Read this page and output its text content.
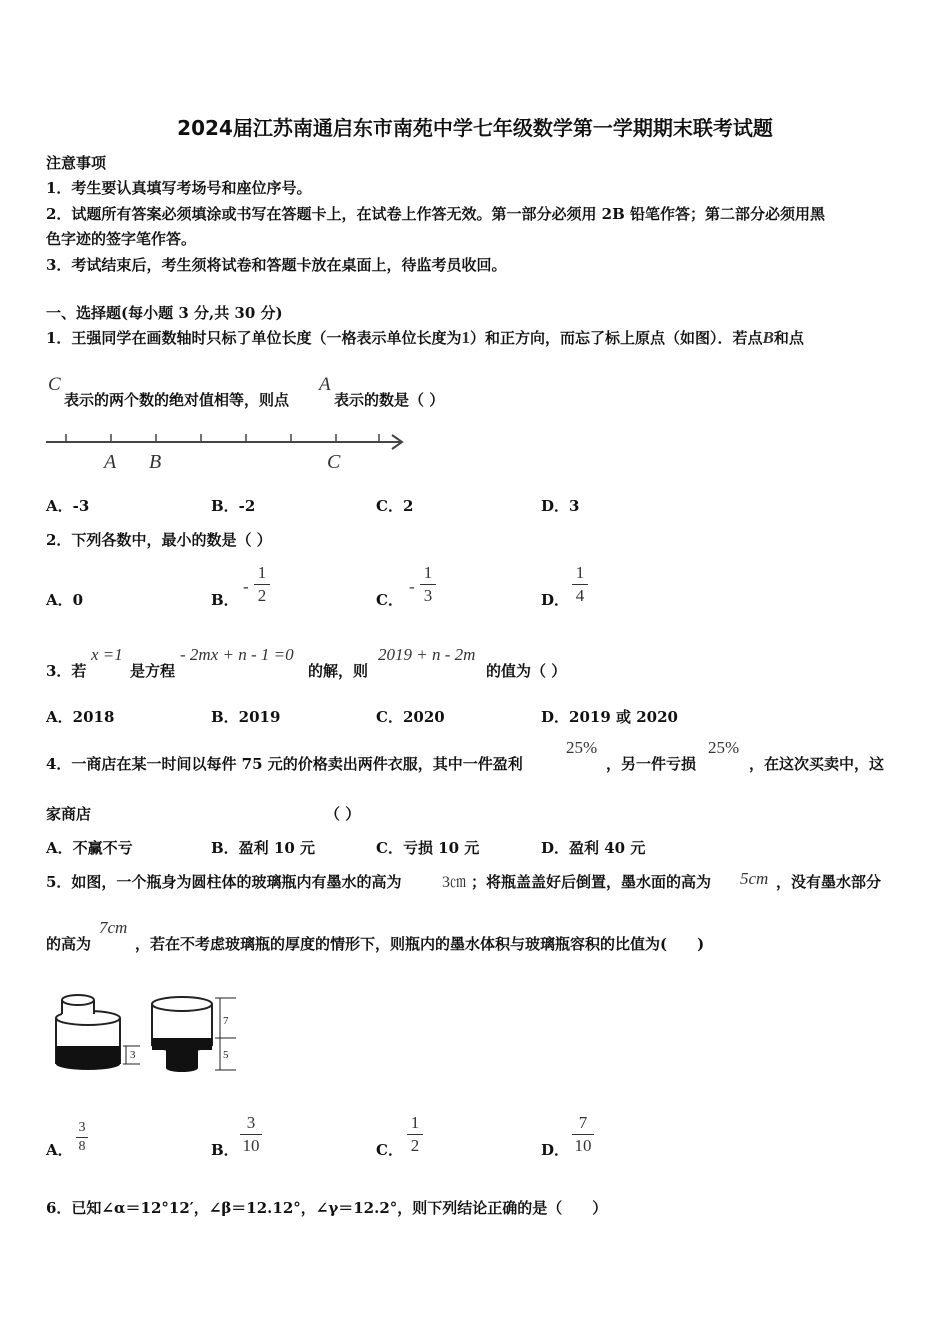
2024届江苏南通启东市南苑中学七年级数学第一学期期末联考试题
注意事项
1．考生要认真填写考场号和座位序号。
2．试题所有答案必须填涂或书写在答题卡上，在试卷上作答无效。第一部分必须用 2B 铅笔作答；第二部分必须用黑
色字迹的签字笔作答。
3．考试结束后，考生须将试卷和答题卡放在桌面上，待监考员收回。
一、选择题(每小题 3 分,共 30 分)
1．王强同学在画数轴时只标了单位长度（一格表示单位长度为1）和正方向，而忘了标上原点（如图）．若点B和点
C
表示的两个数的绝对值相等，则点
A
表示的数是（ ）
A B	C
A．-3	B．-2	C．2	D．3
2．下列各数中，最小的数是（ ）
A．0	B．
-
1
2	C．
-
1
3	D．
1
4
3．若
x =1
是方程
- 2mx + n - 1 =0
的解，则
2019 + n - 2m
的值为（ ）
A．2018	B．2019	C．2020	D．2019 或 2020
4．一商店在某一时间以每件 75 元的价格卖出两件衣服，其中一件盈利
25%
，另一件亏损
25%
，在这次买卖中，这
家商店	（ ）
A．不赢不亏	B．盈利 10 元	C．亏损 10 元	D．盈利 40 元
5．如图，一个瓶身为圆柱体的玻璃瓶内有墨水的高为	3㎝ ；将瓶盖盖好后倒置，墨水面的高为 5cm ，没有墨水部分
的高为
7cm
，若在不考虑玻璃瓶的厚度的情形下，则瓶内的墨水体积与玻璃瓶容积的比值为(　　)
3
7
5
A．
3
8	B．
3
10	C．
1
2	D．
7
10
6．已知∠α＝12°12′，∠β＝12.12°，∠γ＝12.2°，则下列结论正确的是（　　）
